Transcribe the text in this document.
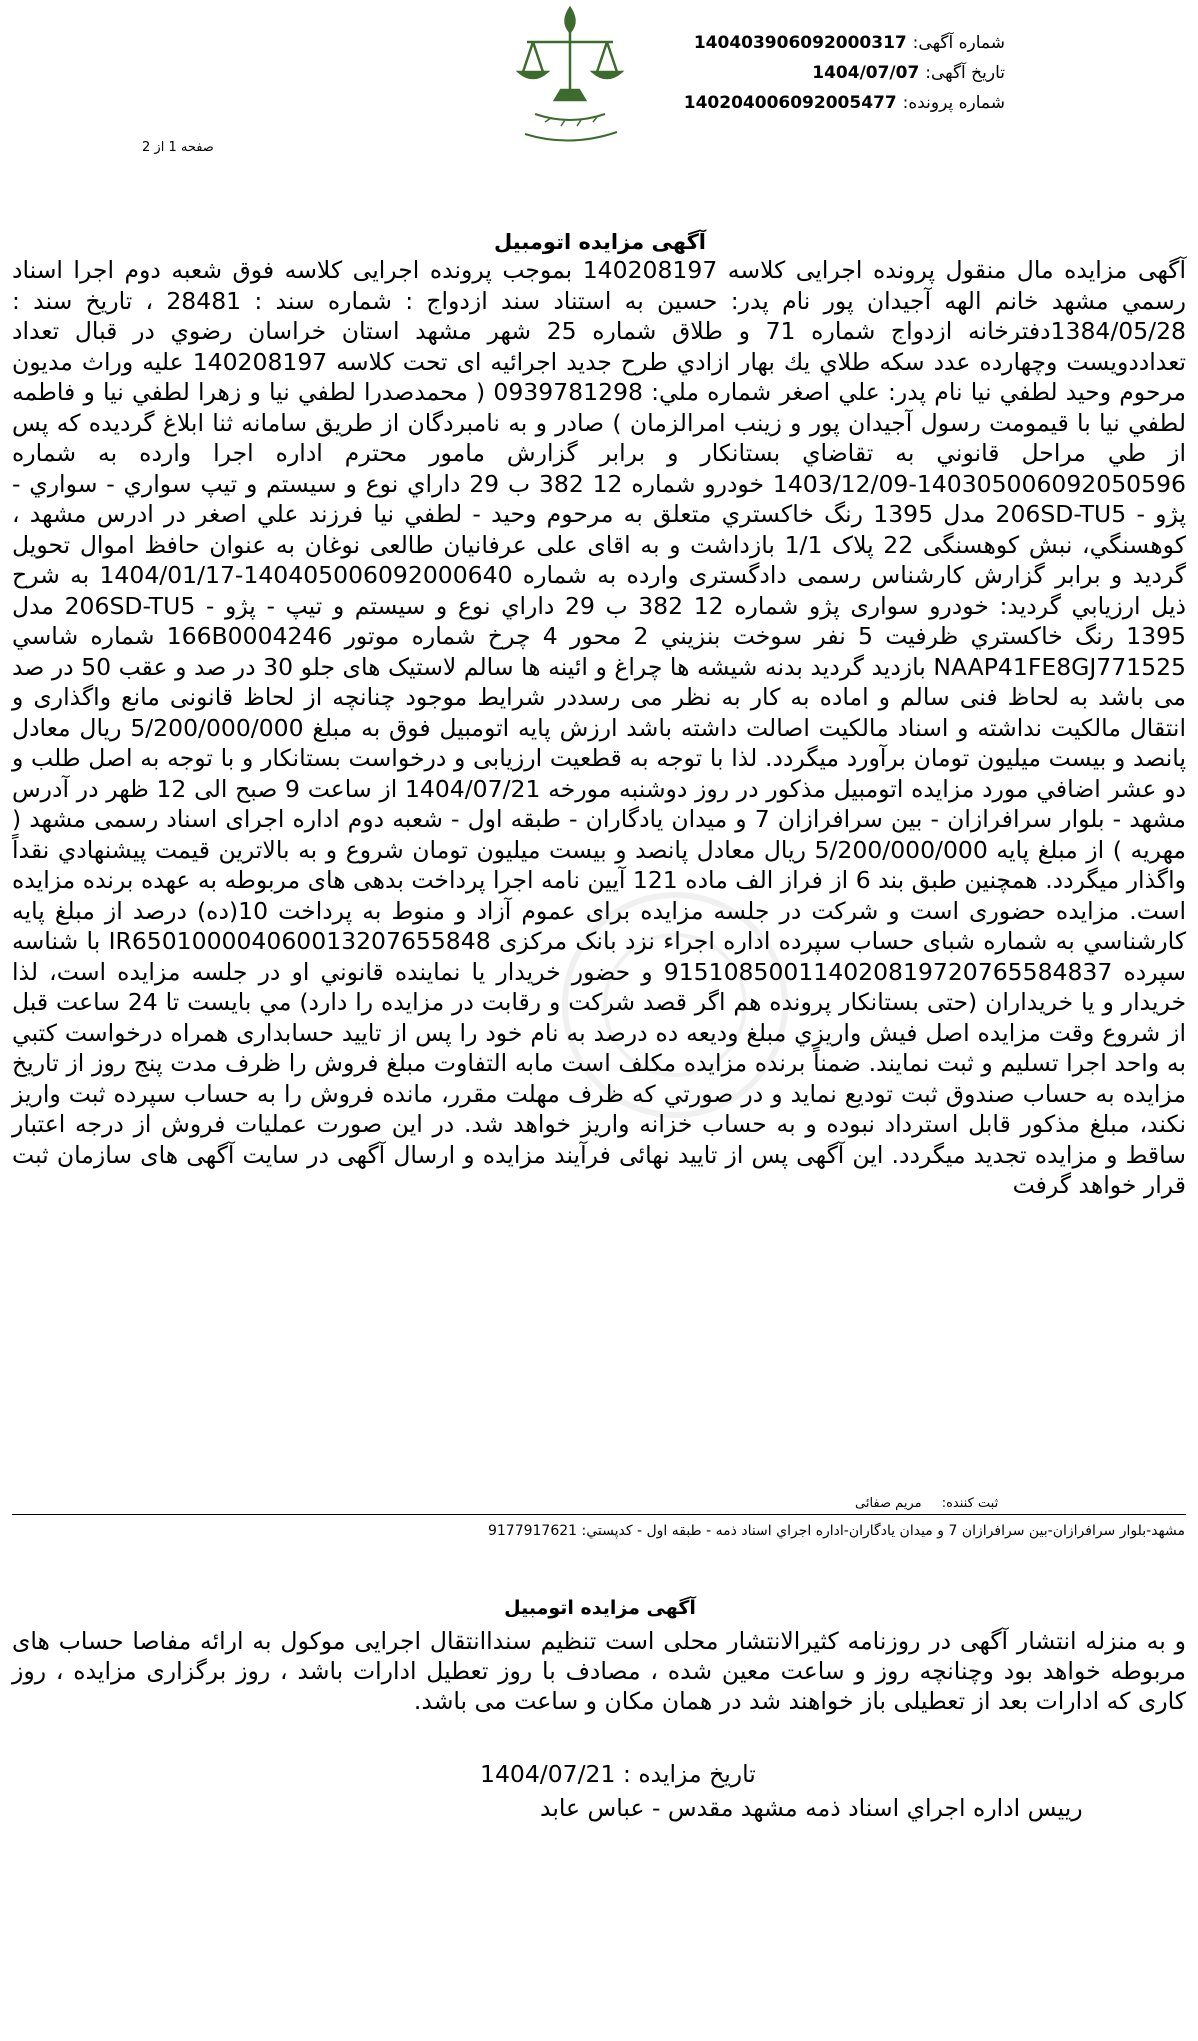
شماره آگهی: 140403906092000317
تاریخ آگهی: 1404/07/07
شماره پرونده: 140204006092005477
صفحه 1 از 2
آگهی مزایده اتومبیل
آگهی مزایده مال منقول پرونده اجرایی کلاسه 140208197 بموجب پرونده اجرايی کلاسه فوق شعبه دوم اجرا اسناد رسمي مشهد خانم الهه آجيدان پور نام پدر: حسين به استناد سند ازدواج : شماره سند : 28481 ، تاريخ سند : 1384/05/28دفترخانه ازدواج شماره 71 و طلاق شماره 25 شهر مشهد استان خراسان رضوي در قبال تعداد تعداددويست وچهارده عدد سكه طلاي يك بهار ازادي طرح جديد اجرائيه ای تحت کلاسه 140208197 عليه وراث مديون مرحوم وحيد لطفي نيا نام پدر: علي اصغر شماره ملي: 0939781298 ( محمدصدرا لطفي نيا و زهرا لطفي نيا و فاطمه لطفي نيا با قيمومت رسول آجيدان پور و زينب امرالزمان ) صادر و به نامبردگان از طريق سامانه ثنا ابلاغ گرديده كه پس از طي مراحل قانوني به تقاضاي بستانكار و برابر گزارش مامور محترم اداره اجرا وارده به شماره 140305006092050596-1403/12/09 خودرو شماره 12 382 ب 29 داراي نوع و سيستم و تيپ سواري - سواري - پژو - 206SD-TU5 مدل 1395 رنگ خاكستري متعلق به مرحوم وحيد - لطفي نيا فرزند علي اصغر در ادرس مشهد ، كوهسنگي، نبش كوهسنگی 22 پلاک 1/1 بازداشت و به اقای علی عرفانيان طالعی نوغان به عنوان حافظ اموال تحويل گرديد و برابر گزارش كارشناس رسمی دادگستری وارده به شماره 140405006092000640-1404/01/17 به شرح ذيل ارزيابي گرديد: خودرو سواری پژو شماره 12 382 ب 29 داراي نوع و سيستم و تيپ - پژو - 206SD-TU5 مدل 1395 رنگ خاكستري ظرفيت 5 نفر سوخت بنزيني 2 محور 4 چرخ شماره موتور 166B0004246 شماره شاسي NAAP41FE8GJ771525 بازديد گرديد بدنه شيشه ها چراغ و ائينه ها سالم لاستيک های جلو 30 در صد و عقب 50 در صد می باشد به لحاظ فنی سالم و اماده به کار به نظر می رسددر شرايط موجود چنانچه از لحاظ قانونی مانع واگذاری و انتقال مالكيت نداشته و اسناد مالكيت اصالت داشته باشد ارزش پايه اتومبيل فوق به مبلغ 5/200/000/000 ريال معادل پانصد و بيست ميليون تومان برآورد ميگردد. لذا با توجه به قطعيت ارزيابی و درخواست بستانكار و با توجه به اصل طلب و دو عشر اضافي مورد مزايده اتومبيل مذكور در روز دوشنبه مورخه 1404/07/21 از ساعت 9 صبح الی 12 ظهر در آدرس مشهد - بلوار سرافرازان - بين سرافرازان 7 و ميدان يادگاران - طبقه اول - شعبه دوم اداره اجرای اسناد رسمی مشهد ( مهريه ) از مبلغ پايه 5/200/000/000 ريال معادل پانصد و بيست ميليون تومان شروع و به بالاترين قيمت پيشنهادي نقداً واگذار ميگردد. همچنين طبق بند 6 از فراز الف ماده 121 آيين نامه اجرا پرداخت بدهی های مربوطه به عهده برنده مزايده است. مزايده حضوری است و شركت در جلسه مزايده برای عموم آزاد و منوط به پرداخت 10(ده) درصد از مبلغ پايه كارشناسي به شماره شبای حساب سپرده اداره اجراء نزد بانک مركزی IR650100004060013207655848 با شناسه سپرده 915108500114020819720765584837 و حضور خريدار يا نماينده قانوني او در جلسه مزايده است، لذا خريدار و يا خريداران (حتی بستانكار پرونده هم اگر قصد شركت و رقابت در مزايده را دارد) مي بايست تا 24 ساعت قبل از شروع وقت مزايده اصل فيش واريزي مبلغ وديعه ده درصد به نام خود را پس از تاييد حسابداری همراه درخواست كتبي به واحد اجرا تسليم و ثبت نمايند. ضمناً برنده مزايده مكلف است مابه التفاوت مبلغ فروش را ظرف مدت پنج روز از تاريخ مزايده به حساب صندوق ثبت توديع نمايد و در صورتي كه ظرف مهلت مقرر، مانده فروش را به حساب سپرده ثبت واريز نكند، مبلغ مذكور قابل استرداد نبوده و به حساب خزانه واريز خواهد شد. در اين صورت عمليات فروش از درجه اعتبار ساقط و مزايده تجديد ميگردد. اين آگهی پس از تاييد نهائی فرآيند مزايده و ارسال آگهی در سايت آگهی های سازمان ثبت قرار خواهد گرفت
ثبت کننده: مریم صفائی
مشهد-بلوار سرافرازان-بين سرافرازان 7 و ميدان يادگاران-اداره اجراي اسناد ذمه - طبقه اول - كدپستي: 9177917621
آگهی مزایده اتومبیل
و به منزله انتشار آگهی در روزنامه كثيرالانتشار محلی است تنظيم سنداانتقال اجرايی موكول به ارائه مفاصا حساب های مربوطه خواهد بود وچنانچه روز و ساعت معين شده ، مصادف با روز تعطيل ادارات باشد ، روز برگزاری مزايده ، روز كاری كه ادارات بعد از تعطيلی باز خواهند شد در همان مكان و ساعت می باشد.
تاریخ مزایده : 1404/07/21
رييس اداره اجراي اسناد ذمه مشهد مقدس - عباس عابد
